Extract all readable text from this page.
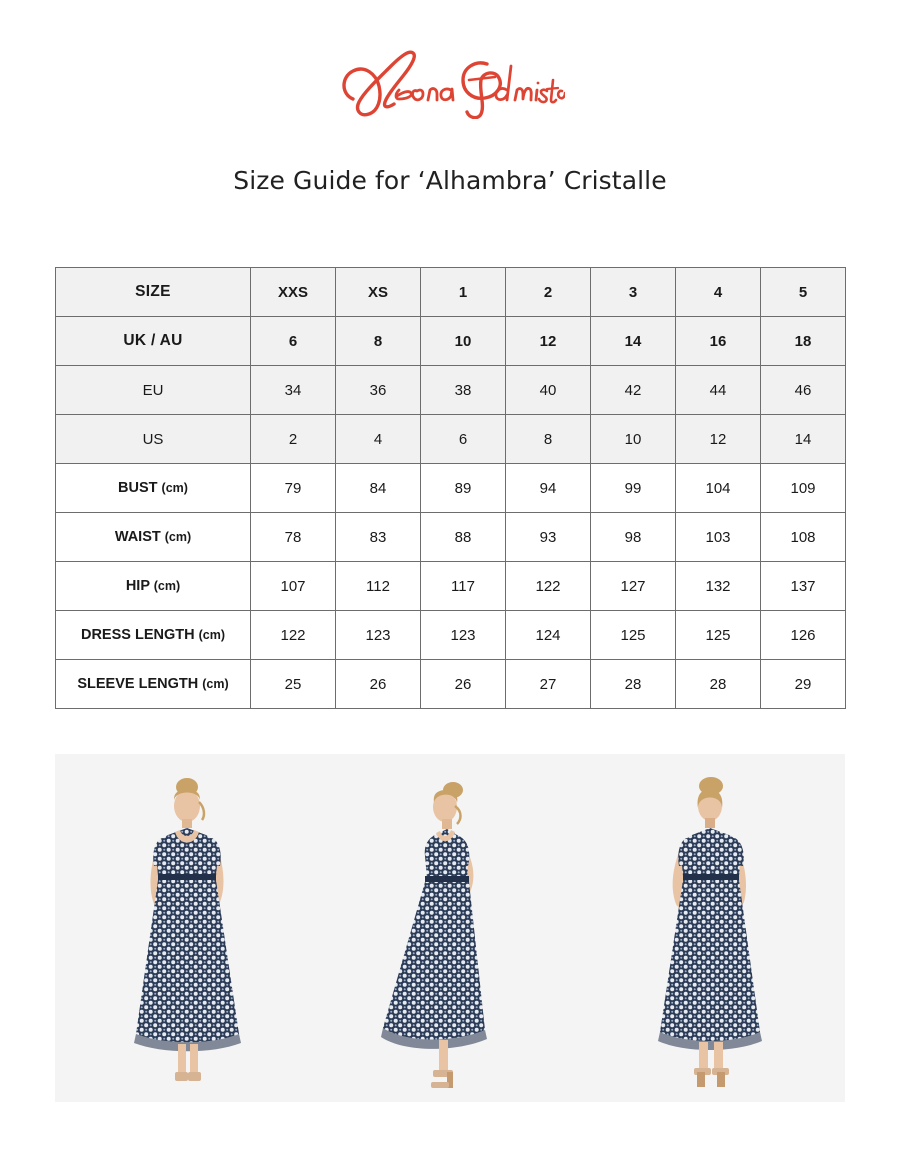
Size Guide for ‘Alhambra’ Cristalle
SIZE	XXS	XS	1	2	3	4	5
UK / AU	6	8	10	12	14	16	18
EU	34	36	38	40	42	44	46
US	2	4	6	8	10	12	14
BUST (cm)	79	84	89	94	99	104	109
WAIST (cm)	78	83	88	93	98	103	108
HIP (cm)	107	112	117	122	127	132	137
DRESS LENGTH (cm)	122	123	123	124	125	125	126
SLEEVE LENGTH (cm)	25	26	26	27	28	28	29
